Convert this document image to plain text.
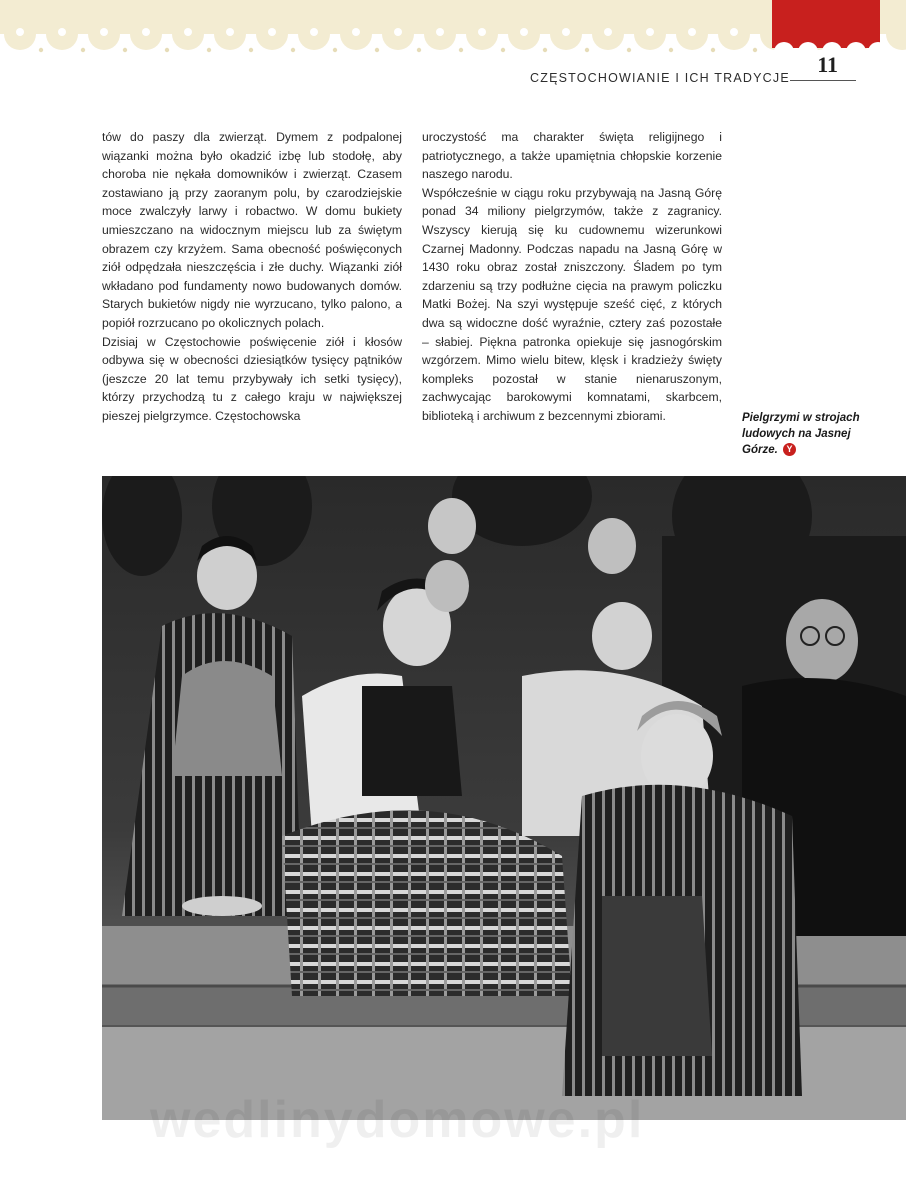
11
CZĘSTOCHOWIANIE I ICH TRADYCJE

tów do paszy dla zwierząt. Dymem z podpalonej wiązanki można było okadzić izbę lub stodołę, aby choroba nie nękała domowników i zwierząt. Czasem zostawiano ją przy zaoranym polu, by czarodziejskie moce zwalczyły larwy i robactwo. W domu bukiety umieszczano na widocznym miejscu lub za świętym obrazem czy krzyżem. Sama obecność poświęconych ziół odpędzała nieszczęścia i złe duchy. Wiązanki ziół wkładano pod fundamenty nowo budowanych domów. Starych bukietów nigdy nie wyrzucano, tylko palono, a popiół rozrzucano po okolicznych polach.

Dzisiaj w Częstochowie poświęcenie ziół i kłosów odbywa się w obecności dziesiątków tysięcy pątników (jeszcze 20 lat temu przybywały ich setki tysięcy), którzy przychodzą tu z całego kraju w największej pieszej pielgrzymce. Częstochowska

uroczystość ma charakter święta religijnego i patriotycznego, a także upamiętnia chłopskie korzenie naszego narodu.

Współcześnie w ciągu roku przybywają na Jasną Górę ponad 34 miliony pielgrzymów, także z zagranicy. Wszyscy kierują się ku cudownemu wizerunkowi Czarnej Madonny. Podczas napadu na Jasną Górę w 1430 roku obraz został zniszczony. Śladem po tym zdarzeniu są trzy podłużne cięcia na prawym policzku Matki Bożej. Na szyi występuje sześć cięć, z których dwa są widoczne dość wyraźnie, cztery zaś pozostałe – słabiej. Piękna patronka opiekuje się jasnogórskim wzgórzem. Mimo wielu bitew, klęsk i kradzieży święty kompleks pozostał w stanie nienaruszonym, zachwycając barokowymi komnatami, skarbcem, biblioteką i archiwum z bezcennymi zbiorami.	Pielgrzymi w strojach ludowych na Jasnej Górze. Y
wedlinydomowe.pl
